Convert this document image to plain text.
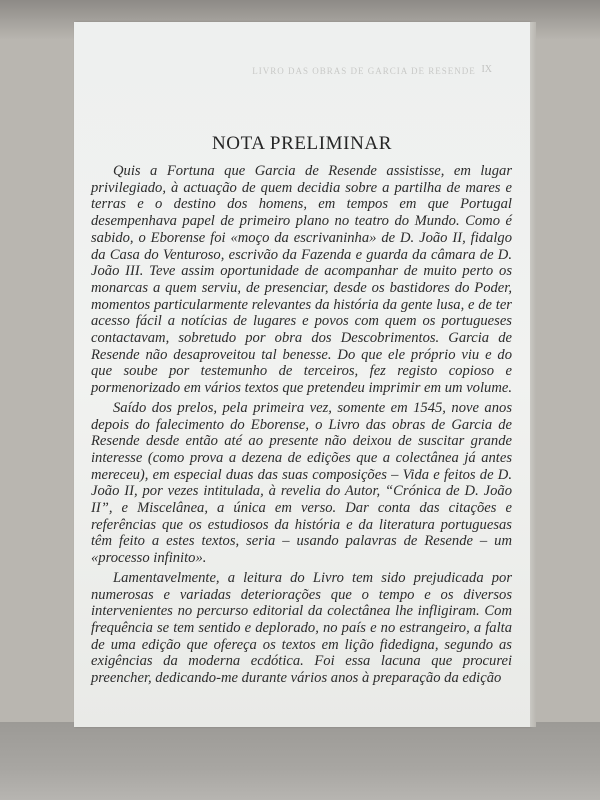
LIVRO DAS OBRAS DE GARCIA DE RESENDE IX
NOTA PRELIMINAR

Quis a Fortuna que Garcia de Resende assistisse, em lugar privilegiado, à actuação de quem decidia sobre a partilha de mares e terras e o destino dos homens, em tempos em que Portugal desempenhava papel de primeiro plano no teatro do Mundo. Como é sabido, o Eborense foi «moço da escrivaninha» de D. João II, fidalgo da Casa do Venturoso, escrivão da Fazenda e guarda da câmara de D. João III. Teve assim oportunidade de acompanhar de muito perto os monarcas a quem serviu, de presenciar, desde os bastidores do Poder, momentos particularmente relevantes da história da gente lusa, e de ter acesso fácil a notícias de lugares e povos com quem os portugueses contactavam, sobretudo por obra dos Descobrimentos. Garcia de Resende não desaproveitou tal benesse. Do que ele próprio viu e do que soube por testemunho de terceiros, fez registo copioso e pormenorizado em vários textos que pretendeu imprimir em um volume.

Saído dos prelos, pela primeira vez, somente em 1545, nove anos depois do falecimento do Eborense, o Livro das obras de Garcia de Resende desde então até ao presente não deixou de suscitar grande interesse (como prova a dezena de edições que a colectânea já antes mereceu), em especial duas das suas composições – Vida e feitos de D. João II, por vezes intitulada, à revelia do Autor, “Crónica de D. João II”, e Miscelânea, a única em verso. Dar conta das citações e referências que os estudiosos da história e da literatura portuguesas têm feito a estes textos, seria – usando palavras de Resende – um «processo infinito».

Lamentavelmente, a leitura do Livro tem sido prejudicada por numerosas e variadas deteriorações que o tempo e os diversos intervenientes no percurso editorial da colectânea lhe infligiram. Com frequência se tem sentido e deplorado, no país e no estrangeiro, a falta de uma edição que ofereça os textos em lição fidedigna, segundo as exigências da moderna ecdótica. Foi essa lacuna que procurei preencher, dedicando-me durante vários anos à preparação da edição
